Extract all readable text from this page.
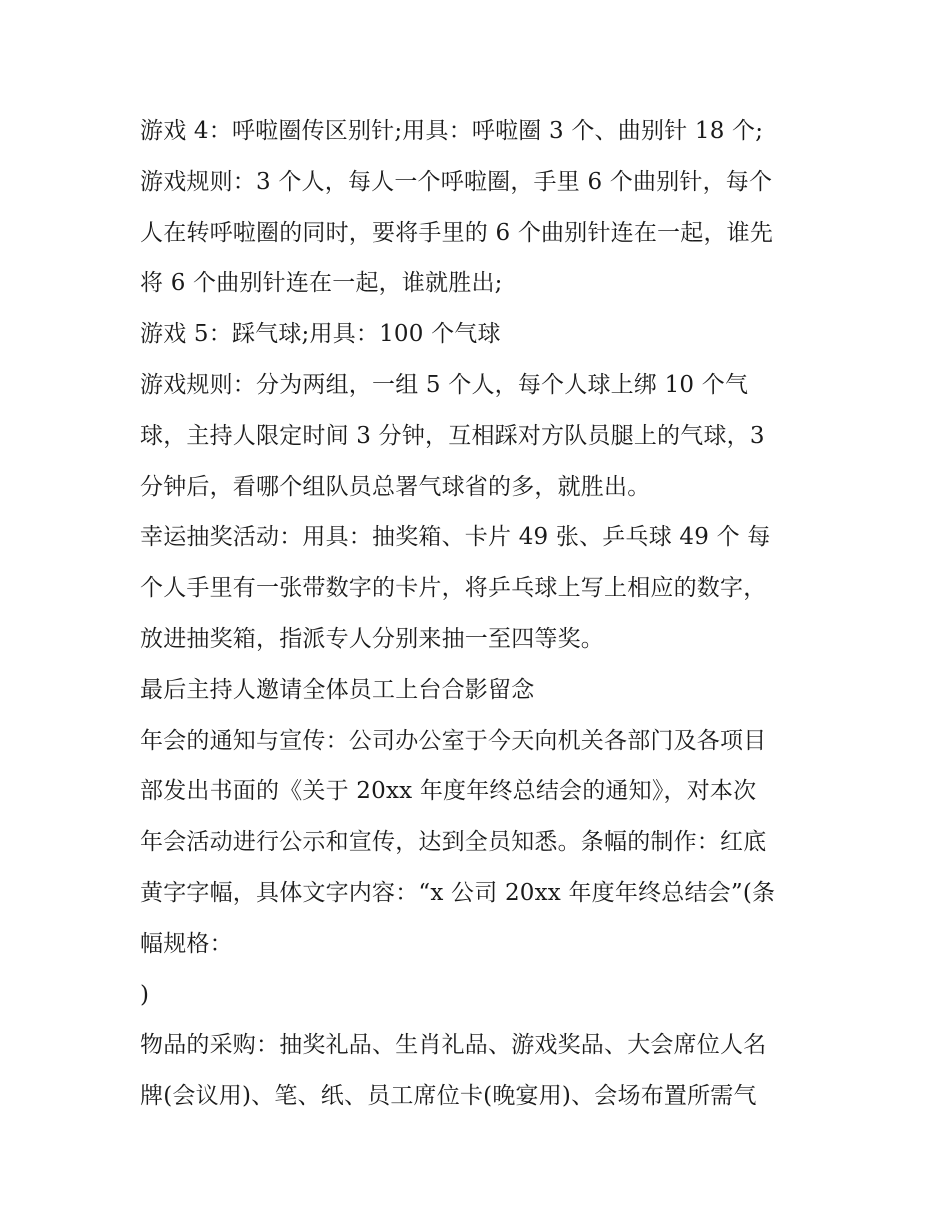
游戏 4：呼啦圈传区别针;用具：呼啦圈 3 个、曲别针 18 个;
游戏规则：3 个人，每人一个呼啦圈，手里 6 个曲别针，每个
人在转呼啦圈的同时，要将手里的 6 个曲别针连在一起，谁先
将 6 个曲别针连在一起，谁就胜出;
游戏 5：踩气球;用具：100 个气球
游戏规则：分为两组，一组 5 个人，每个人球上绑 10 个气
球，主持人限定时间 3 分钟，互相踩对方队员腿上的气球，3
分钟后，看哪个组队员总署气球省的多，就胜出。
幸运抽奖活动：用具：抽奖箱、卡片 49 张、乒乓球 49 个 每
个人手里有一张带数字的卡片，将乒乓球上写上相应的数字，
放进抽奖箱，指派专人分别来抽一至四等奖。
最后主持人邀请全体员工上台合影留念
年会的通知与宣传：公司办公室于今天向机关各部门及各项目
部发出书面的《关于 20xx 年度年终总结会的通知》，对本次
年会活动进行公示和宣传，达到全员知悉。条幅的制作：红底
黄字字幅，具体文字内容：“x 公司 20xx 年度年终总结会”(条
幅规格：
)
物品的采购：抽奖礼品、生肖礼品、游戏奖品、大会席位人名
牌(会议用)、笔、纸、员工席位卡(晚宴用)、会场布置所需气
